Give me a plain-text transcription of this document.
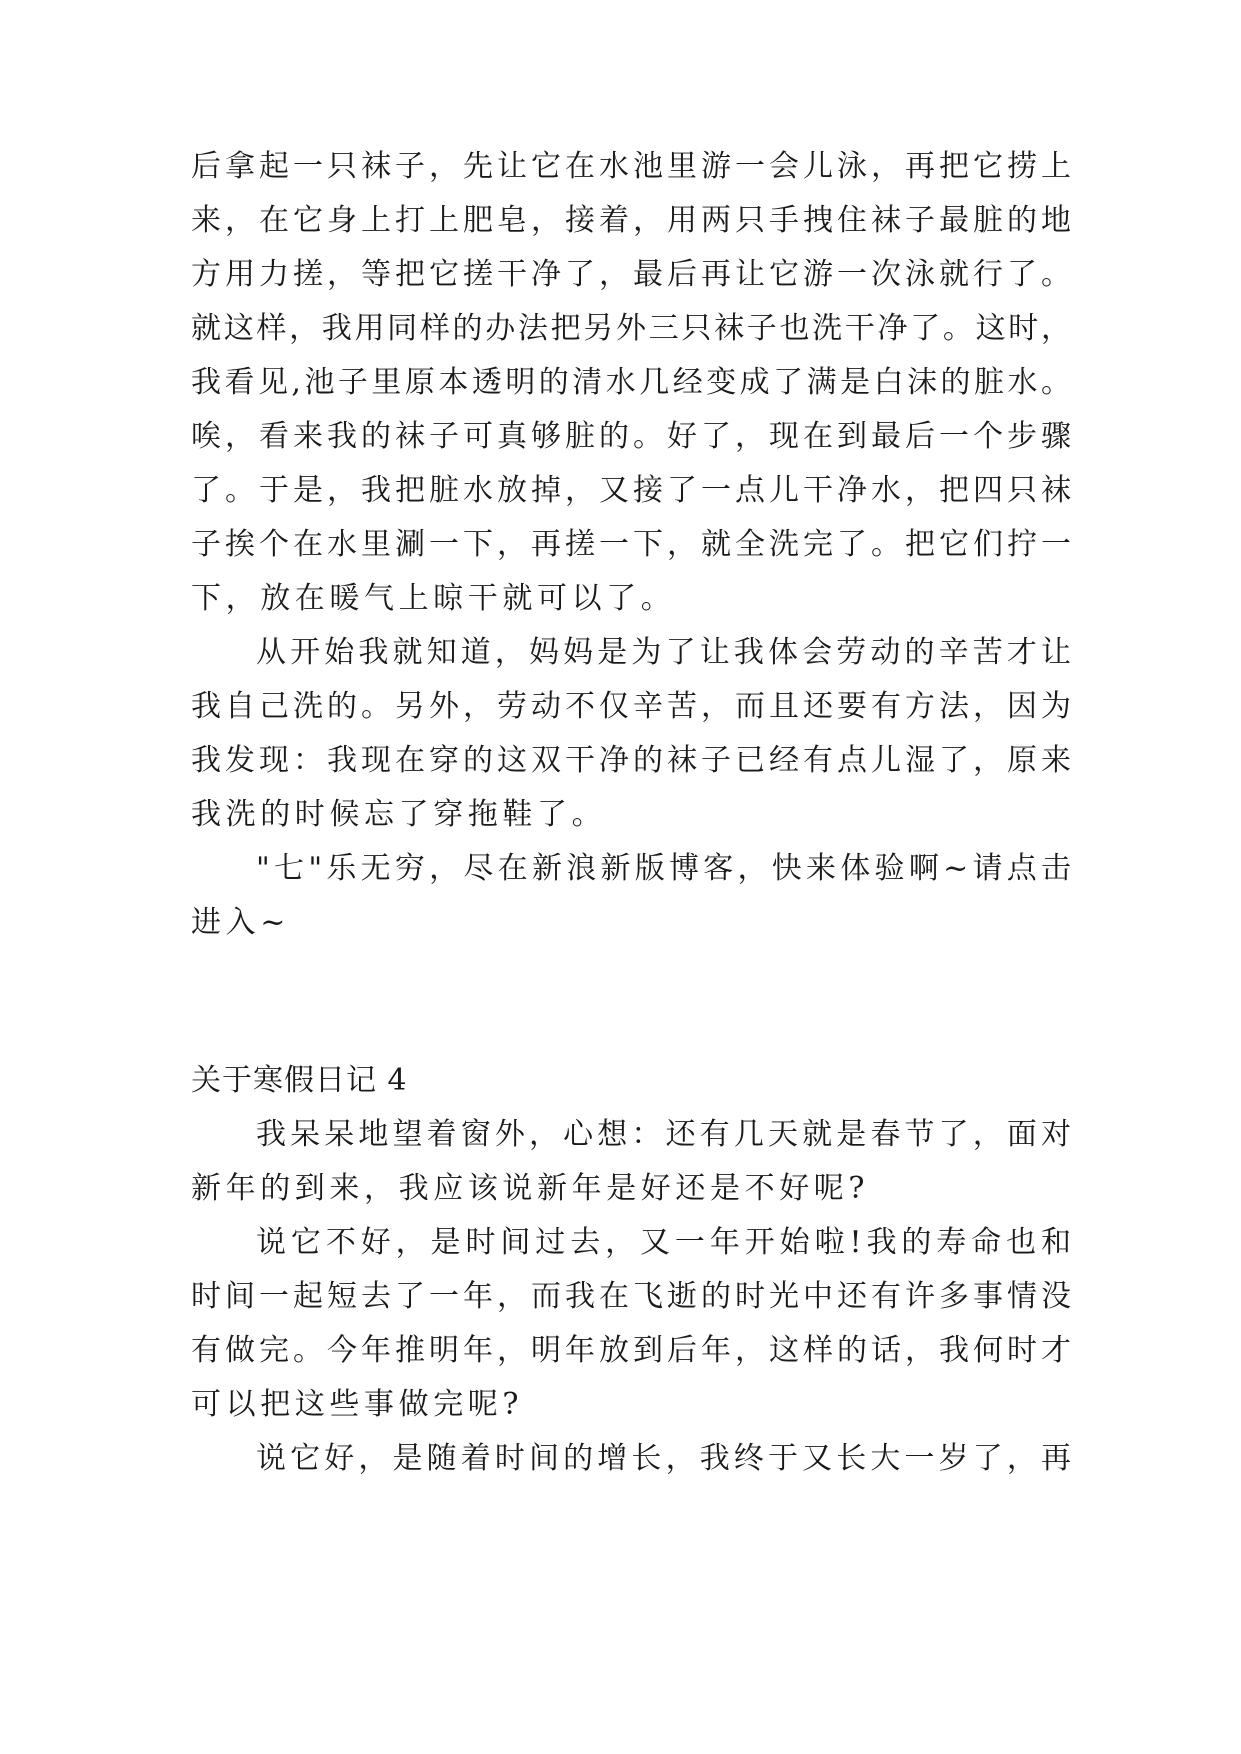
后拿起一只袜子，先让它在水池里游一会儿泳，再把它捞上
来，在它身上打上肥皂，接着，用两只手拽住袜子最脏的地
方用力搓，等把它搓干净了，最后再让它游一次泳就行了。
就这样，我用同样的办法把另外三只袜子也洗干净了。这时，
我看见,池子里原本透明的清水几经变成了满是白沫的脏水。
唉，看来我的袜子可真够脏的。好了，现在到最后一个步骤
了。于是，我把脏水放掉，又接了一点儿干净水，把四只袜
子挨个在水里涮一下，再搓一下，就全洗完了。把它们拧一
下，放在暖气上晾干就可以了。
从开始我就知道，妈妈是为了让我体会劳动的辛苦才让
我自己洗的。另外，劳动不仅辛苦，而且还要有方法，因为
我发现：我现在穿的这双干净的袜子已经有点儿湿了，原来
我洗的时候忘了穿拖鞋了。
"七"乐无穷，尽在新浪新版博客，快来体验啊~请点击
进入~
关于寒假日记 4
我呆呆地望着窗外，心想：还有几天就是春节了，面对
新年的到来，我应该说新年是好还是不好呢?
说它不好，是时间过去，又一年开始啦!我的寿命也和
时间一起短去了一年，而我在飞逝的时光中还有许多事情没
有做完。今年推明年，明年放到后年，这样的话，我何时才
可以把这些事做完呢?
说它好，是随着时间的增长，我终于又长大一岁了，再
